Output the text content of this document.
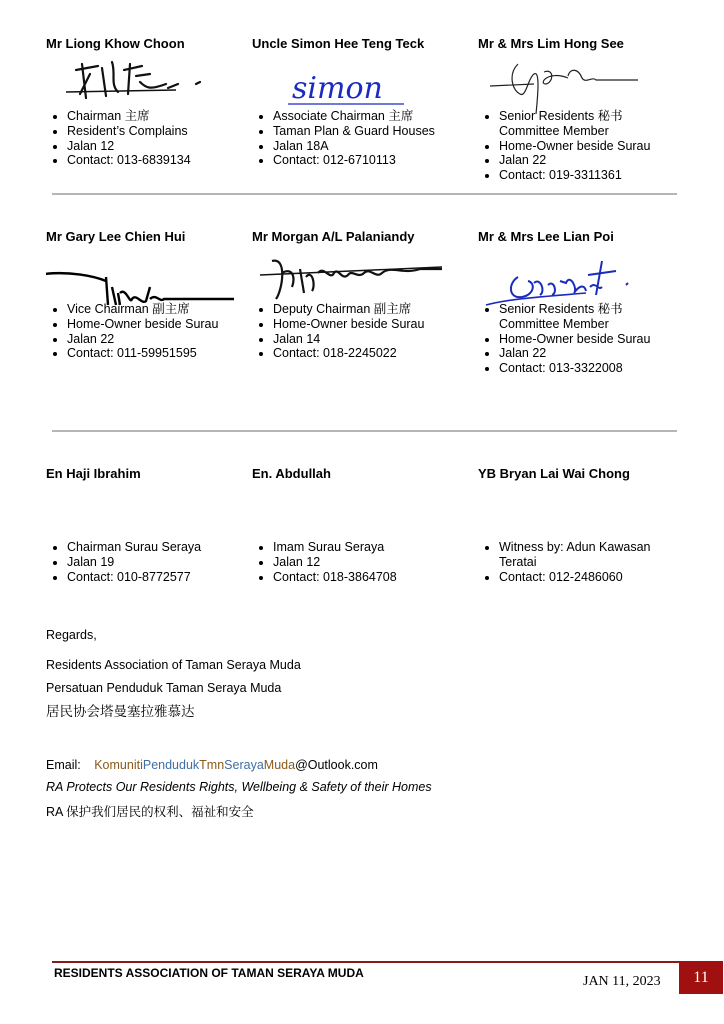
Mr Liong Khow Choon
• Chairman 主席
• Resident’s Complains
• Jalan 12
• Contact: 013-6839134
Uncle Simon Hee Teng Teck
simon
• Associate Chairman 主席
• Taman Plan & Guard Houses
• Jalan 18A
• Contact: 012-6710113
Mr & Mrs Lim Hong See
• Senior Residents 秘书
Committee Member
• Home-Owner beside Surau
• Jalan 22
• Contact: 019-3311361
Mr Gary Lee Chien Hui
• Vice Chairman 副主席
• Home-Owner beside Surau
• Jalan 22
• Contact: 011-59951595
Mr Morgan A/L Palaniandy
• Deputy Chairman 副主席
• Home-Owner beside Surau
• Jalan 14
• Contact: 018-2245022
Mr & Mrs Lee Lian Poi
• Senior Residents 秘书
Committee Member
• Home-Owner beside Surau
• Jalan 22
• Contact: 013-3322008
En Haji Ibrahim
• Chairman Surau Seraya
• Jalan 19
• Contact: 010-8772577
En. Abdullah
• Imam Surau Seraya
• Jalan 12
• Contact: 018-3864708
YB Bryan Lai Wai Chong
• Witness by: Adun Kawasan
Teratai
• Contact: 012-2486060
Regards,
Residents Association of Taman Seraya Muda
Persatuan Penduduk Taman Seraya Muda
居民协会塔曼塞拉雅慕达
Email: KomunitiPendudukTmnSerayaMuda@Outlook.com
RA Protects Our Residents Rights, Wellbeing & Safety of their Homes
RA 保护我们居民的权利、福祉和安全
RESIDENTS ASSOCIATION OF TAMAN SERAYA MUDA
JAN 11, 2023	11
